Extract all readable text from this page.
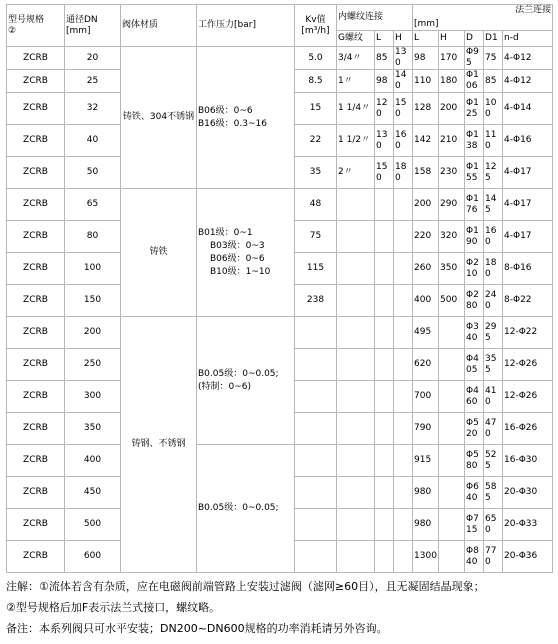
型号规格
②	通径DN
[mm]	阀体材质	工作压力[bar]	Kv值
[m³/h]	内螺纹连接			[mm]
法兰连接				
					G螺纹	L	H	L	H	D	D1	n-d
ZCRB	20	铸铁、304不锈钢	B06级：0~6
B16级：0.3~16	5.0	3/4〃	85	130	98	170	Φ95	75	4-Φ12
ZCRB	25			8.5	1〃	98	140	110	180	Φ106	85	4-Φ12
ZCRB	32			15	1 1/4〃	120	150	128	200	Φ125	100	4-Φ14
ZCRB	40			22	1 1/2〃	130	160	142	210	Φ138	110	4-Φ16
ZCRB	50			35	2〃	150	180	158	230	Φ155	125	4-Φ17
ZCRB	65	铸铁	B01级：0~1
B03级：0~3
B06级：0~6
B10级：1~10	48				200	290	Φ176	145	4-Φ17
ZCRB	80			75				220	320	Φ190	160	4-Φ17
ZCRB	100			115				260	350	Φ210	180	8-Φ16
ZCRB	150			238				400	500	Φ280	240	8-Φ22
ZCRB	200	铸钢、不锈钢	B0.05级：0~0.05;
(特制：0~6)					495		Φ340	295	12-Φ22
ZCRB	250							620		Φ405	355	12-Φ26
ZCRB	300							700		Φ460	410	12-Φ26
ZCRB	350							790		Φ520	470	16-Φ26
ZCRB	400		B0.05级：0~0.05;					915		Φ580	525	16-Φ30
ZCRB	450							980		Φ640	585	20-Φ30
ZCRB	500							980		Φ715	650	20-Φ33
ZCRB	600							1300		Φ840	770	20-Φ36
注解：①流体若含有杂质，应在电磁阀前端管路上安装过滤阀（滤网≥60目），且无凝固结晶现象；
②型号规格后加F表示法兰式接口，螺纹略。
备注：本系列阀只可水平安装；DN200~DN600规格的功率消耗请另外咨询。
